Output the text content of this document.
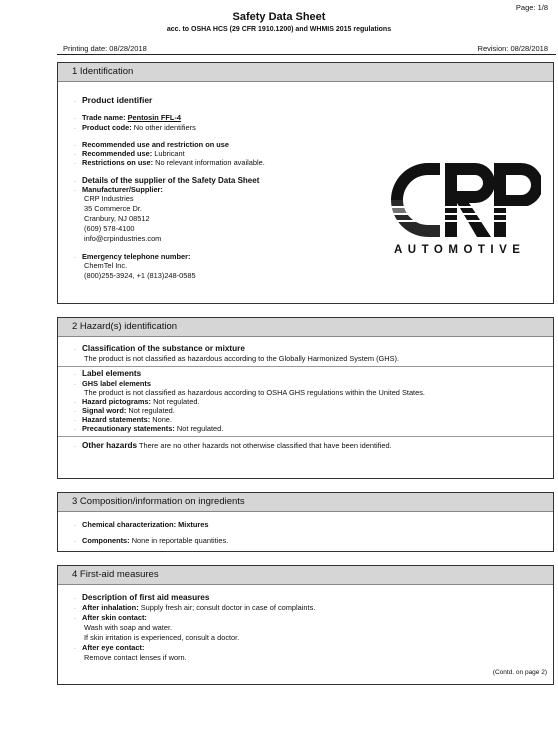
Page: 1/8
Safety Data Sheet
acc. to OSHA HCS (29 CFR 1910.1200) and WHMIS 2015 regulations
Printing date: 08/28/2018	Revision: 08/28/2018
1 Identification
· Product identifier
· Trade name: Pentosin FFL-4
· Product code: No other identifiers
· Recommended use and restriction on use
· Recommended use: Lubricant
· Restrictions on use: No relevant information available.
· Details of the supplier of the Safety Data Sheet
· Manufacturer/Supplier:
CRP Industries
35 Commerce Dr.
Cranbury, NJ 08512
(609) 578-4100
info@crpindustries.com
· Emergency telephone number:
ChemTel Inc.
(800)255-3924, +1 (813)248-0585
AUTOMOTIVE
2 Hazard(s) identification
· Classification of the substance or mixture
The product is not classified as hazardous according to the Globally Harmonized System (GHS).
· Label elements
· GHS label elements
The product is not classified as hazardous according to OSHA GHS regulations within the United States.
· Hazard pictograms: Not regulated.
· Signal word: Not regulated.
· Hazard statements: None.
· Precautionary statements: Not regulated.
· Other hazards There are no other hazards not otherwise classified that have been identified.
3 Composition/information on ingredients
· Chemical characterization: Mixtures
· Components: None in reportable quantities.
4 First-aid measures
· Description of first aid measures
· After inhalation: Supply fresh air; consult doctor in case of complaints.
· After skin contact:
Wash with soap and water.
If skin irritation is experienced, consult a doctor.
· After eye contact:
Remove contact lenses if worn.
(Contd. on page 2)
